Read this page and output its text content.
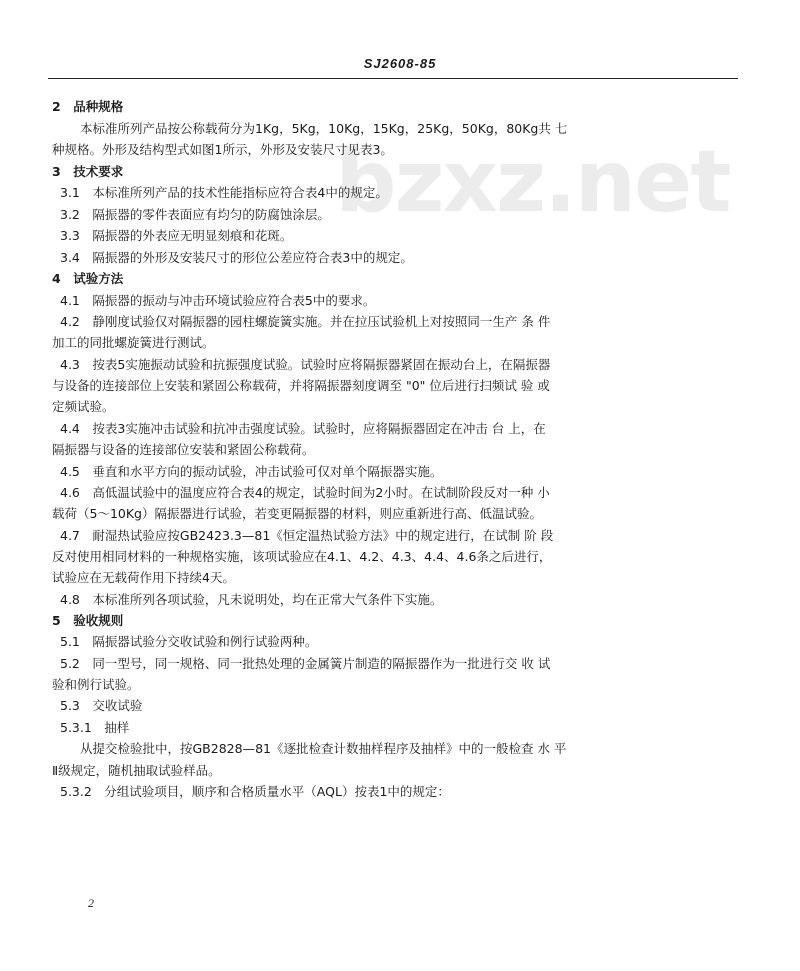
SJ2608-85
bzxz.net
2　品种规格
本标准所列产品按公称载荷分为1Kg，5Kg，10Kg，15Kg，25Kg，50Kg，80Kg共 七
种规格。外形及结构型式如图1所示，外形及安装尺寸见表3。
3　技术要求
3.1　本标准所列产品的技术性能指标应符合表4中的规定。
3.2　隔振器的零件表面应有均匀的防腐蚀涂层。
3.3　隔振器的外表应无明显刻痕和花斑。
3.4　隔振器的外形及安装尺寸的形位公差应符合表3中的规定。
4　试验方法
4.1　隔振器的振动与冲击环境试验应符合表5中的要求。
4.2　静刚度试验仅对隔振器的园柱螺旋簧实施。并在拉压试验机上对按照同一生产 条 件
加工的同批螺旋簧进行测试。
4.3　按表5实施振动试验和抗振强度试验。试验时应将隔振器紧固在振动台上，在隔振器
与设备的连接部位上安装和紧固公称载荷，并将隔振器刻度调至 "0" 位后进行扫频试 验 或
定频试验。
4.4　按表3实施冲击试验和抗冲击强度试验。试验时，应将隔振器固定在冲击 台 上，在
隔振器与设备的连接部位安装和紧固公称载荷。
4.5　垂直和水平方向的振动试验，冲击试验可仅对单个隔振器实施。
4.6　高低温试验中的温度应符合表4的规定，试验时间为2小时。在试制阶段反对一种 小
载荷（5～10Kg）隔振器进行试验，若变更隔振器的材料，则应重新进行高、低温试验。
4.7　耐湿热试验应按GB2423.3—81《恒定温热试验方法》中的规定进行，在试制 阶 段
反对使用相同材料的一种规格实施，该项试验应在4.1、4.2、4.3、4.4、4.6条之后进行，
试验应在无载荷作用下持续4天。
4.8　本标准所列各项试验，凡未说明处，均在正常大气条件下实施。
5　验收规则
5.1　隔振器试验分交收试验和例行试验两种。
5.2　同一型号，同一规格、同一批热处理的金属簧片制造的隔振器作为一批进行交 收 试
验和例行试验。
5.3　交收试验
5.3.1　抽样
从提交检验批中，按GB2828—81《逐批检查计数抽样程序及抽样》中的一般检查 水 平
Ⅱ级规定，随机抽取试验样品。
5.3.2　分组试验项目，顺序和合格质量水平（AQL）按表1中的规定：
2
